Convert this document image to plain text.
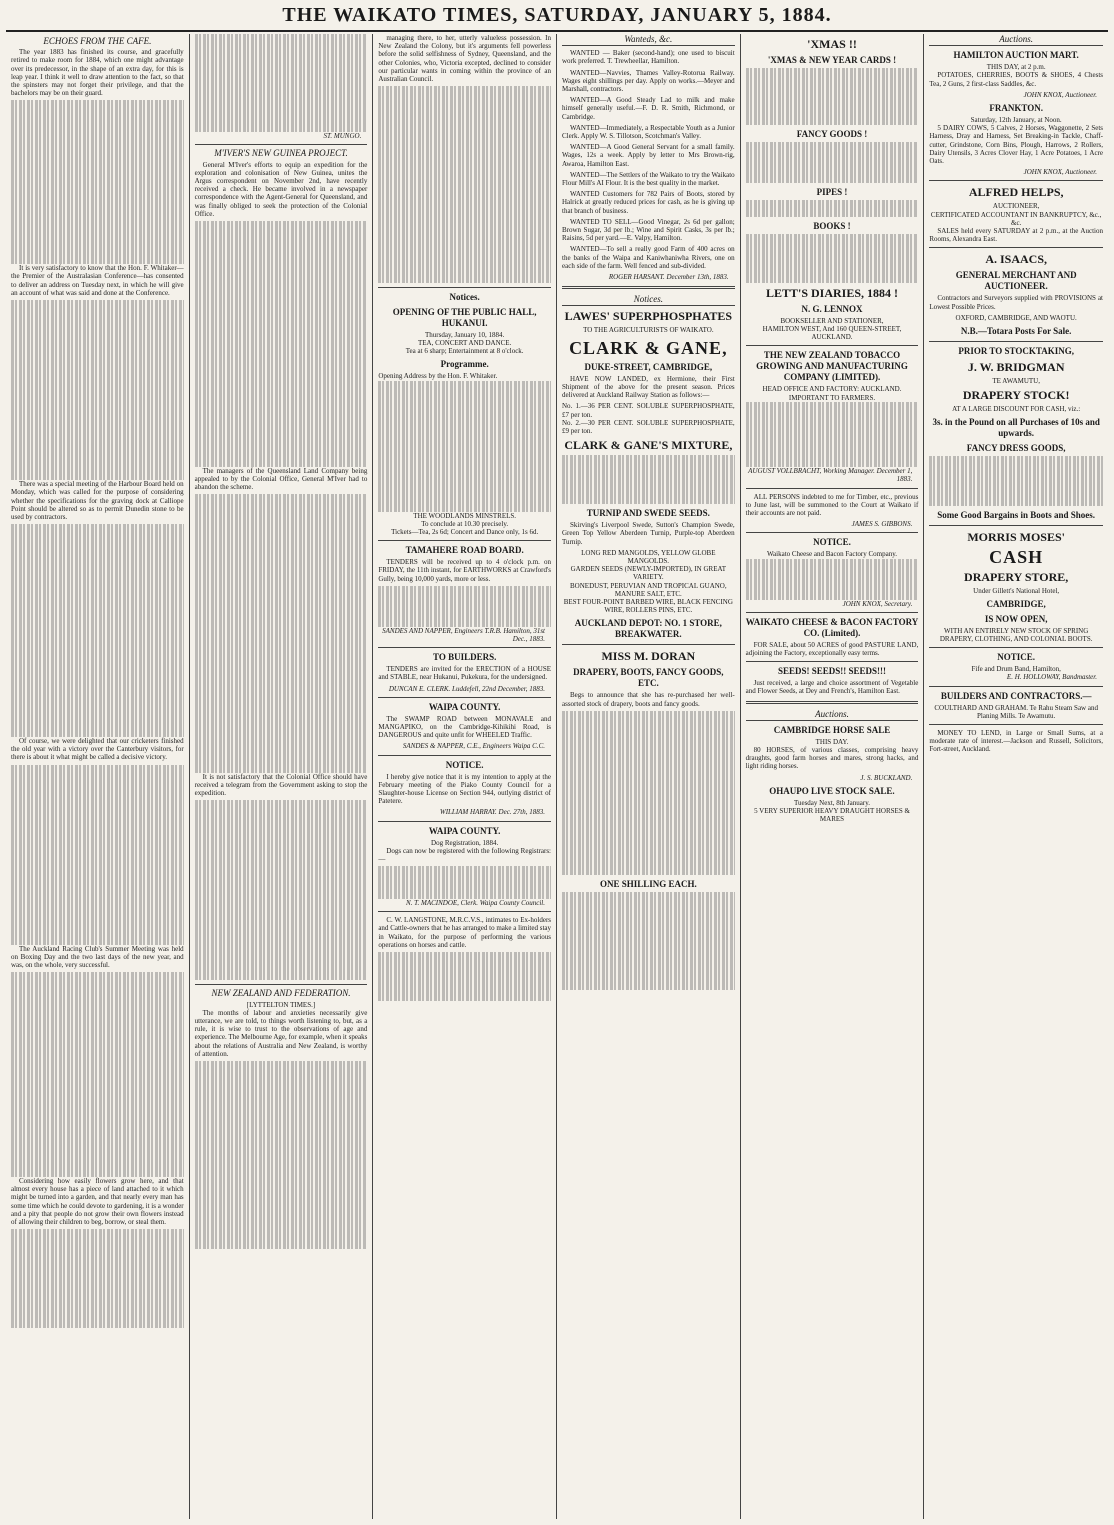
THE WAIKATO TIMES, SATURDAY, JANUARY 5, 1884.
ECHOES FROM THE CAFE.

The year 1883 has finished its course, and gracefully retired to make room for 1884, which one might advantage over its predecessor, in the shape of an extra day, for this is leap year. I think it well to draw attention to the fact, so that the spinsters may not forget their privilege, and that the bachelors may be on their guard.

It is very satisfactory to know that the Hon. F. Whitaker—the Premier of the Australasian Conference—has consented to deliver an address on Tuesday next, in which he will give an account of what was said and done at the Conference.

There was a special meeting of the Harbour Board held on Monday, which was called for the purpose of considering whether the specifications for the graving dock at Calliope Point should be altered so as to permit Dunedin stone to be used by contractors.

Of course, we were delighted that our cricketers finished the old year with a victory over the Canterbury visitors, for there is about it what might be called a decisive victory.

The Auckland Racing Club's Summer Meeting was held on Boxing Day and the two last days of the new year, and was, on the whole, very successful.

Considering how easily flowers grow here, and that almost every house has a piece of land attached to it which might be turned into a garden, and that nearly every man has some time which he could devote to gardening, it is a wonder and a pity that people do not grow their own flowers instead of allowing their children to beg, borrow, or steal them.

ST. MUNGO.
M'IVER'S NEW GUINEA PROJECT.

General M'Iver's efforts to equip an expedition for the exploration and colonisation of New Guinea, unites the Argus correspondent on November 2nd, have recently received a check. He became involved in a newspaper correspondence with the Agent-General for Queensland, and was finally obliged to seek the protection of the Colonial Office.

The managers of the Queensland Land Company being appealed to by the Colonial Office, General M'Iver had to abandon the scheme.

It is not satisfactory that the Colonial Office should have received a telegram from the Government asking to stop the expedition.

NEW ZEALAND AND FEDERATION.
[LYTTELTON TIMES.]

The months of labour and anxieties necessarily give utterance, we are told, to things worth listening to, but, as a rule, it is wise to trust to the observations of age and experience. The Melbourne Age, for example, when it speaks about the relations of Australia and New Zealand, is worthy of attention.

managing there, to her, utterly valueless possession. In New Zealand the Colony, but it's arguments fell powerless before the solid selfishness of Sydney, Queensland, and the other Colonies, who, Victoria excepted, declined to consider our particular wants in coming within the province of an Australian Council.

Notices.
OPENING OF THE PUBLIC HALL, HUKANUI.
Thursday, January 10, 1884.
TEA, CONCERT AND DANCE.
Tea at 6 sharp; Entertainment at 8 o'clock.
Programme.
Opening Address by the Hon. F. Whitaker.
THE WOODLANDS MINSTRELS.
To conclude at 10.30 precisely.
Tickets—Tea, 2s 6d; Concert and Dance only, 1s 6d.
TAMAHERE ROAD BOARD.

TENDERS will be received up to 4 o'clock p.m. on FRIDAY, the 11th instant, for EARTHWORKS at Crawford's Gully, being 10,000 yards, more or less.

SANDES AND NAPPER, Engineers T.R.B. Hamilton, 31st Dec., 1883.
TO BUILDERS.

TENDERS are invited for the ERECTION of a HOUSE and STABLE, near Hukanui, Pukekura, for the undersigned.

DUNCAN E. CLERK. Luddefell, 22nd December, 1883.
WAIPA COUNTY.

The SWAMP ROAD between MONAVALE and MANGAPIKO, on the Cambridge-Kihikihi Road, is DANGEROUS and quite unfit for WHEELED Traffic.

SANDES & NAPPER, C.E., Engineers Waipa C.C.
NOTICE.

I hereby give notice that it is my intention to apply at the February meeting of the Piako County Council for a Slaughter-house License on Section 944, outlying district of Patetere.

WILLIAM HARRAY. Dec. 27th, 1883.
WAIPA COUNTY.
Dog Registration, 1884.

Dogs can now be registered with the following Registrars:—

N. T. MACINDOE, Clerk. Waipa County Council.

C. W. LANGSTONE, M.R.C.V.S., intimates to Ex-holders and Cattle-owners that he has arranged to make a limited stay in Waikato, for the purpose of performing the various operations on horses and cattle.

Wanteds, &c.

WANTED — Baker (second-hand); one used to biscuit work preferred. T. Trewheellar, Hamilton.

WANTED—Navvies, Thames Valley-Rotorua Railway. Wages eight shillings per day. Apply on works.—Meyer and Marshall, contractors.

WANTED—A Good Steady Lad to milk and make himself generally useful.—F. D. R. Smith, Richmond, or Cambridge.

WANTED—Immediately, a Respectable Youth as a Junior Clerk. Apply W. S. Tillotson, Scotchman's Valley.

WANTED—A Good General Servant for a small family. Wages, 12s a week. Apply by letter to Mrs Brown-rig, Awaroa, Hamilton East.

WANTED—The Settlers of the Waikato to try the Waikato Flour Mill's AI Flour. It is the best quality in the market.

WANTED Customers for 782 Pairs of Boots, stored by Halrick at greatly reduced prices for cash, as he is giving up that branch of business.

WANTED TO SELL—Good Vinegar, 2s 6d per gallon; Brown Sugar, 3d per lb.; Wine and Spirit Casks, 3s per lb.; Raisins, 5d per yard.—E. Valpy, Hamilton.

WANTED—To sell a really good Farm of 400 acres on the banks of the Waipa and Kaniwhaniwha Rivers, one on each side of the farm. Well fenced and sub-divided.

ROGER HARSANT. December 13th, 1883.
Notices.
LAWES' SUPERPHOSPHATES
TO THE AGRICULTURISTS OF WAIKATO.
CLARK & GANE,
DUKE-STREET, CAMBRIDGE,

HAVE NOW LANDED, ex Hermione, their First Shipment of the above for the present season. Prices delivered at Auckland Railway Station as follows:—

No. 1.—36 PER CENT. SOLUBLE SUPERPHOSPHATE, £7 per ton.
No. 2.—30 PER CENT. SOLUBLE SUPERPHOSPHATE, £9 per ton.
CLARK & GANE'S MIXTURE,
TURNIP AND SWEDE SEEDS.

Skirving's Liverpool Swede, Sutton's Champion Swede, Green Top Yellow Aberdeen Turnip, Purple-top Aberdeen Turnip.

LONG RED MANGOLDS, YELLOW GLOBE MANGOLDS.
GARDEN SEEDS (NEWLY-IMPORTED), IN GREAT VARIETY.
BONEDUST, PERUVIAN AND TROPICAL GUANO, MANURE SALT, ETC.
BEST FOUR-POINT BARBED WIRE, BLACK FENCING WIRE, ROLLERS PINS, ETC.
AUCKLAND DEPOT: NO. 1 STORE, BREAKWATER.
MISS M. DORAN
DRAPERY, BOOTS, FANCY GOODS, ETC.

Begs to announce that she has re-purchased her well-assorted stock of drapery, boots and fancy goods.

ONE SHILLING EACH.
'XMAS !!
'XMAS & NEW YEAR CARDS !
FANCY GOODS !
PIPES !
BOOKS !
LETT'S DIARIES, 1884 !
N. G. LENNOX
BOOKSELLER AND STATIONER,
HAMILTON WEST, And 160 QUEEN-STREET, AUCKLAND.
THE NEW ZEALAND TOBACCO GROWING AND MANUFACTURING COMPANY (LIMITED).
HEAD OFFICE AND FACTORY: AUCKLAND. IMPORTANT TO FARMERS.
AUGUST VOLLBRACHT, Working Manager. December 1, 1883.

ALL PERSONS indebted to me for Timber, etc., previous to June last, will be summoned to the Court at Waikato if their accounts are not paid.

JAMES S. GIBBONS.
NOTICE.
Waikato Cheese and Bacon Factory Company.
JOHN KNOX, Secretary.
WAIKATO CHEESE & BACON FACTORY CO. (Limited).

FOR SALE, about 50 ACRES of good PASTURE LAND, adjoining the Factory, exceptionally easy terms.

SEEDS! SEEDS!! SEEDS!!!

Just received, a large and choice assortment of Vegetable and Flower Seeds, at Dey and French's, Hamilton East.

Auctions.
CAMBRIDGE HORSE SALE
THIS DAY.

80 HORSES, of various classes, comprising heavy draughts, good farm horses and mares, strong hacks, and light riding horses.

J. S. BUCKLAND.
OHAUPO LIVE STOCK SALE.
Tuesday Next, 8th January.
5 VERY SUPERIOR HEAVY DRAUGHT HORSES & MARES
Auctions.
HAMILTON AUCTION MART.
THIS DAY, at 2 p.m.

POTATOES, CHERRIES, BOOTS & SHOES, 4 Chests Tea, 2 Guns, 2 first-class Saddles, &c.

JOHN KNOX, Auctioneer.
FRANKTON.
Saturday, 12th January, at Noon.

5 DAIRY COWS, 5 Calves, 2 Horses, Waggonette, 2 Sets Harness, Dray and Harness, Set Breaking-in Tackle, Chaff-cutter, Grindstone, Corn Bins, Plough, Harrows, 2 Rollers, Dairy Utensils, 3 Acres Clover Hay, 1 Acre Potatoes, 1 Acre Oats.

JOHN KNOX, Auctioneer.
ALFRED HELPS,
AUCTIONEER,
CERTIFICATED ACCOUNTANT IN BANKRUPTCY, &c., &c.

SALES held every SATURDAY at 2 p.m., at the Auction Rooms, Alexandra East.

A. ISAACS,
GENERAL MERCHANT AND AUCTIONEER.

Contractors and Surveyors supplied with PROVISIONS at Lowest Possible Prices.

OXFORD, CAMBRIDGE, AND WAOTU.
N.B.—Totara Posts For Sale.
PRIOR TO STOCKTAKING,
J. W. BRIDGMAN
TE AWAMUTU,
DRAPERY STOCK!
AT A LARGE DISCOUNT FOR CASH, viz.:
3s. in the Pound on all Purchases of 10s and upwards.
FANCY DRESS GOODS,
Some Good Bargains in Boots and Shoes.
MORRIS MOSES'
CASH
DRAPERY STORE,
Under Gillett's National Hotel,
CAMBRIDGE,
IS NOW OPEN,
WITH AN ENTIRELY NEW STOCK OF SPRING DRAPERY, CLOTHING, AND COLONIAL BOOTS.
NOTICE.
Fife and Drum Band, Hamilton,
E. H. HOLLOWAY, Bandmaster.
BUILDERS AND CONTRACTORS.—
COULTHARD AND GRAHAM. Te Rahu Steam Saw and Planing Mills. Te Awamutu.

MONEY TO LEND, in Large or Small Sums, at a moderate rate of interest.—Jackson and Russell, Solicitors, Fort-street, Auckland.
